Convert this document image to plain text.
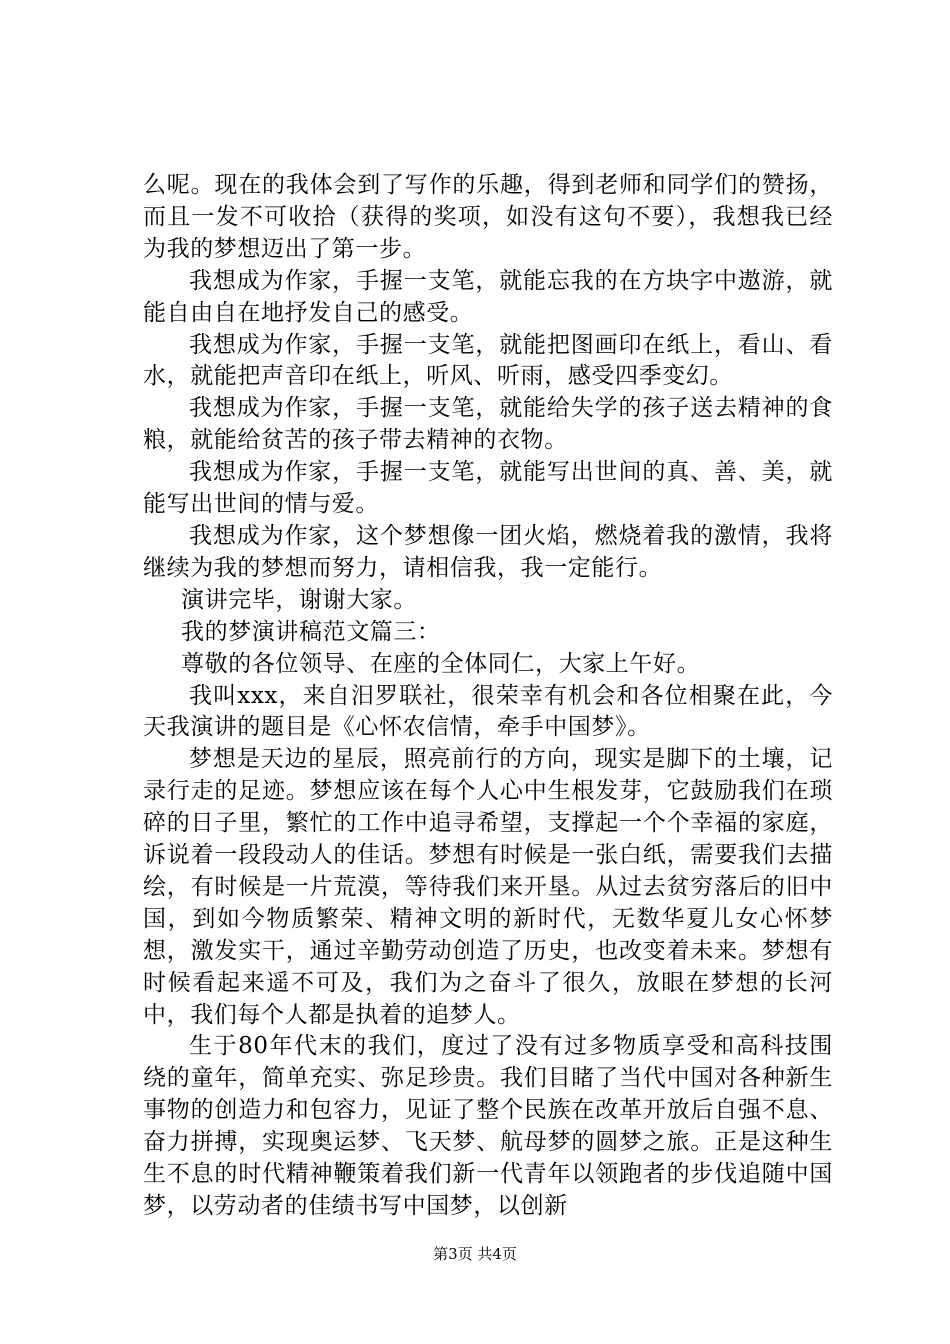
么呢。现在的我体会到了写作的乐趣，得到老师和同学们的赞扬，而且一发不可收拾（获得的奖项，如没有这句不要），我想我已经为我的梦想迈出了第一步。

我想成为作家，手握一支笔，就能忘我的在方块字中遨游，就能自由自在地抒发自己的感受。

我想成为作家，手握一支笔，就能把图画印在纸上，看山、看水，就能把声音印在纸上，听风、听雨，感受四季变幻。

我想成为作家，手握一支笔，就能给失学的孩子送去精神的食粮，就能给贫苦的孩子带去精神的衣物。

我想成为作家，手握一支笔，就能写出世间的真、善、美，就能写出世间的情与爱。

我想成为作家，这个梦想像一团火焰，燃烧着我的激情，我将继续为我的梦想而努力，请相信我，我一定能行。

演讲完毕，谢谢大家。

我的梦演讲稿范文篇三：

尊敬的各位领导、在座的全体同仁，大家上午好。

我叫xxx，来自汨罗联社，很荣幸有机会和各位相聚在此，今天我演讲的题目是《心怀农信情，牵手中国梦》。

梦想是天边的星辰，照亮前行的方向，现实是脚下的土壤，记录行走的足迹。梦想应该在每个人心中生根发芽，它鼓励我们在琐碎的日子里，繁忙的工作中追寻希望，支撑起一个个幸福的家庭，诉说着一段段动人的佳话。梦想有时候是一张白纸，需要我们去描绘，有时候是一片荒漠，等待我们来开垦。从过去贫穷落后的旧中国，到如今物质繁荣、精神文明的新时代，无数华夏儿女心怀梦想，激发实干，通过辛勤劳动创造了历史，也改变着未来。梦想有时候看起来遥不可及，我们为之奋斗了很久，放眼在梦想的长河中，我们每个人都是执着的追梦人。

生于80年代末的我们，度过了没有过多物质享受和高科技围绕的童年，简单充实、弥足珍贵。我们目睹了当代中国对各种新生事物的创造力和包容力，见证了整个民族在改革开放后自强不息、奋力拼搏，实现奥运梦、飞天梦、航母梦的圆梦之旅。正是这种生生不息的时代精神鞭策着我们新一代青年以领跑者的步伐追随中国梦，以劳动者的佳绩书写中国梦，以创新

第3页 共4页
